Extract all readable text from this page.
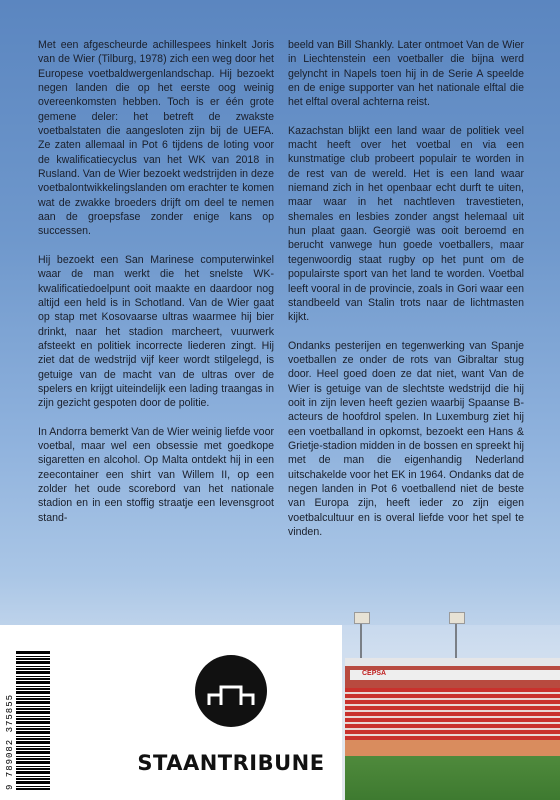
Met een afgescheurde achillespees hinkelt Joris van de Wier (Tilburg, 1978) zich een weg door het Europese voetbaldwergenlandschap. Hij bezoekt negen landen die op het eerste oog weinig overeenkomsten hebben. Toch is er één grote gemene deler: het betreft de zwakste voetbalstaten die aangesloten zijn bij de UEFA. Ze zaten allemaal in Pot 6 tijdens de loting voor de kwalificatiecyclus van het WK van 2018 in Rusland. Van de Wier bezoekt wedstrijden in deze voetbalontwikkelingslanden om erachter te komen wat de zwakke broeders drijft om deel te nemen aan de groepsfase zonder enige kans op successen.

Hij bezoekt een San Marinese computerwinkel waar de man werkt die het snelste WK-kwalificatiedoelpunt ooit maakte en daardoor nog altijd een held is in Schotland. Van de Wier gaat op stap met Kosovaarse ultras waarmee hij bier drinkt, naar het stadion marcheert, vuurwerk afsteekt en politiek incorrecte liederen zingt. Hij ziet dat de wedstrijd vijf keer wordt stilgelegd, is getuige van de macht van de ultras over de spelers en krijgt uiteindelijk een lading traangas in zijn gezicht gespoten door de politie.

In Andorra bemerkt Van de Wier weinig liefde voor voetbal, maar wel een obsessie met goedkope sigaretten en alcohol. Op Malta ontdekt hij in een zeecontainer een shirt van Willem II, op een zolder het oude scorebord van het nationale stadion en in een stoffig straatje een levensgroot stand-

beeld van Bill Shankly. Later ontmoet Van de Wier in Liechtenstein een voetballer die bijna werd gelyncht in Napels toen hij in de Serie A speelde en de enige supporter van het nationale elftal die het elftal overal achterna reist.

Kazachstan blijkt een land waar de politiek veel macht heeft over het voetbal en via een kunstmatige club probeert populair te worden in de rest van de wereld. Het is een land waar niemand zich in het openbaar echt durft te uiten, maar waar in het nachtleven travestieten, shemales en lesbies zonder angst helemaal uit hun plaat gaan. Georgië was ooit beroemd en berucht vanwege hun goede voetballers, maar tegenwoordig staat rugby op het punt om de populairste sport van het land te worden. Voetbal leeft vooral in de provincie, zoals in Gori waar een standbeeld van Stalin trots naar de lichtmasten kijkt.

Ondanks pesterijen en tegenwerking van Spanje voetballen ze onder de rots van Gibraltar stug door. Heel goed doen ze dat niet, want Van de Wier is getuige van de slechtste wedstrijd die hij ooit in zijn leven heeft gezien waarbij Spaanse B-acteurs de hoofdrol spelen. In Luxemburg ziet hij een voetballand in opkomst, bezoekt een Hans & Grietje-stadion midden in de bossen en spreekt hij met de man die eigenhandig Nederland uitschakelde voor het EK in 1964. Ondanks dat de negen landen in Pot 6 voetballend niet de beste van Europa zijn, heeft ieder zo zijn eigen voetbalcultuur en is overal liefde voor het spel te vinden.

CEPSA
9 789082 375855	STAANTRIBUNE
